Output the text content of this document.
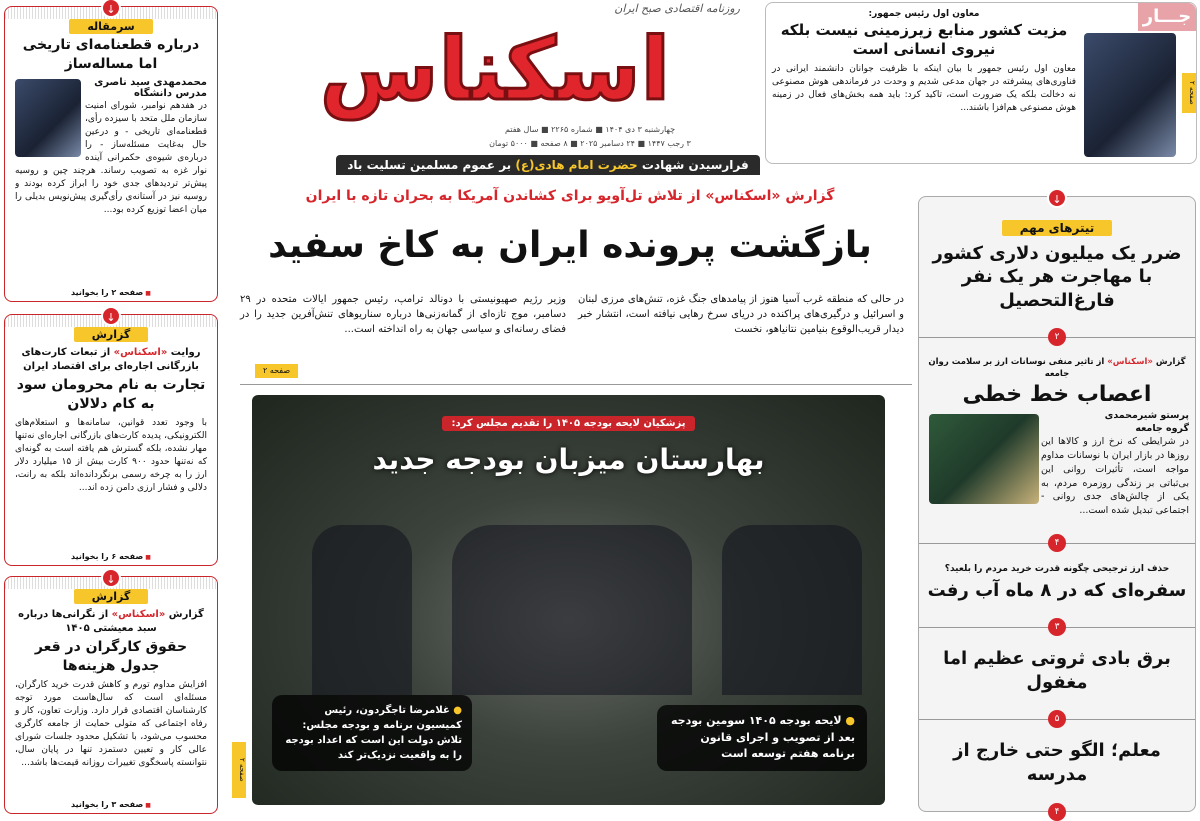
↓
سرمقاله
درباره قطعنامه‌ای تاریخی اما مساله‌ساز
محمدمهدی سید ناصری
مدرس دانشگاه
در هفدهم نوامبر، شورای امنیت سازمان ملل متحد با سیزده رأی، قطعنامه‌ای تاریخی - و درعین حال به‌غایت مسئله‌ساز - را درباره‌ی شیوه‌ی حکمرانی آینده نوار غزه به تصویب رساند. هرچند چین و روسیه پیش‌تر تردیدهای جدی خود را ابراز کرده بودند و روسیه نیز در آستانه‌ی رأی‌گیری پیش‌نویس بدیلی را میان اعضا توزیع کرده بود...
■ صفحه ۲ را بخوانید
↓
گزارش
روایت «اسکناس» از تبعات کارت‌های بازرگانی اجاره‌ای برای اقتصاد ایران
تجارت به نام محرومان سود به کام دلالان
با وجود تعدد قوانین، سامانه‌ها و استعلام‌های الکترونیکی، پدیده کارت‌های بازرگانی اجاره‌ای نه‌تنها مهار نشده، بلکه گسترش هم یافته است به گونه‌ای که نه‌تنها حدود ۹۰۰ کارت بیش از ۱۵ میلیارد دلار ارز را به چرخه رسمی برنگردانده‌اند بلکه به رانت، دلالی و فشار ارزی دامن زده اند...
■ صفحه ۶ را بخوانید
↓
گزارش
گزارش «اسکناس» از نگرانی‌ها درباره سبد معیشتی ۱۴۰۵
حقوق کارگران در قعر جدول هزینه‌ها
افزایش مداوم تورم و کاهش قدرت خرید کارگران، مسئله‌ای است که سال‌هاست مورد توجه کارشناسان اقتصادی قرار دارد. وزارت تعاون، کار و رفاه اجتماعی که متولی حمایت از جامعه کارگری محسوب می‌شود، با تشکیل محدود جلسات شورای عالی کار و تعیین دستمزد تنها در پایان سال، نتوانسته پاسخگوی تغییرات روزانه قیمت‌ها باشد...
■ صفحه ۳ را بخوانید
روزنامه اقتصادی صبح ایران
اسکناس
چهارشنبه ۳ دی ۱۴۰۴ ■ شماره ۲۲۶۵ ■ سال هفتم
۳ رجب ۱۴۴۷ ■ ۲۴ دسامبر ۲۰۲۵ ■ ۸ صفحه ■ ۵۰۰۰ تومان
فرارسیدن شهادت حضرت امام هادی(ع) بر عموم مسلمین تسلیت باد
جـــار
صفحه ۲
معاون اول رئیس جمهور:
مزیت کشور منابع زیرزمینی نیست بلکه نیروی انسانی است
معاون اول رئیس جمهور با بیان اینکه با ظرفیت جوانان دانشمند ایرانی در فناوری‌های پیشرفته در جهان مدعی شدیم و وحدت در فرماندهی هوش مصنوعی نه دخالت بلکه یک ضرورت است، تاکید کرد: باید همه بخش‌های فعال در زمینه هوش مصنوعی هم‌افزا باشند...
گزارش «اسکناس» از تلاش تل‌آویو برای کشاندن آمریکا به بحران تازه با ایران
بازگشت پرونده ایران به کاخ سفید
در حالی که منطقه غرب آسیا هنوز از پیامدهای جنگ غزه، تنش‌های مرزی لبنان و اسرائیل و درگیری‌های پراکنده در دریای سرخ رهایی نیافته است، انتشار خبر دیدار قریب‌الوقوع بنیامین نتانیاهو، نخست
وزیر رژیم صهیونیستی با دونالد ترامپ، رئیس جمهور ایالات متحده در ۲۹ دسامبر، موج تازه‌ای از گمانه‌زنی‌ها درباره سناریوهای تنش‌آفرین جدید را در فضای رسانه‌ای و سیاسی جهان به راه انداخته است...
صفحه ۲
پزشکیان لایحه بودجه ۱۴۰۵ را تقدیم مجلس کرد:
بهارستان میزبان بودجه جدید
● لایحه بودجه ۱۴۰۵ سومین بودجه بعد از تصویب و اجرای قانون برنامه هفتم توسعه است
● غلامرضا تاجگردون، رئیس کمیسیون برنامه و بودجه مجلس: تلاش دولت این است که اعداد بودجه را به واقعیت نزدیک‌تر کند
صفحه ۲
↓
تیترهای مهم
ضرر یک میلیون دلاری کشور با مهاجرت هر یک نفر فارغ‌التحصیل
۲
گزارش «اسکناس» از تاثیر منفی نوسانات ارز بر سلامت روان جامعه
اعصاب خط خطی
پرستو شیرمحمدی
گروه جامعه
در شرایطی که نرخ ارز و کالاها این روزها در بازار ایران با نوسانات مداوم مواجه است، تأثیرات روانی این بی‌ثباتی بر زندگی روزمره مردم، به یکی از چالش‌های جدی روانی - اجتماعی تبدیل شده است...
۴
حذف ارز ترجیحی چگونه قدرت خرید مردم را بلعید؟
سفره‌ای که در ۸ ماه آب رفت
۳
برق بادی ثروتی عظیم اما مغفول
۵
معلم؛ الگو حتی خارج از مدرسه
۴
